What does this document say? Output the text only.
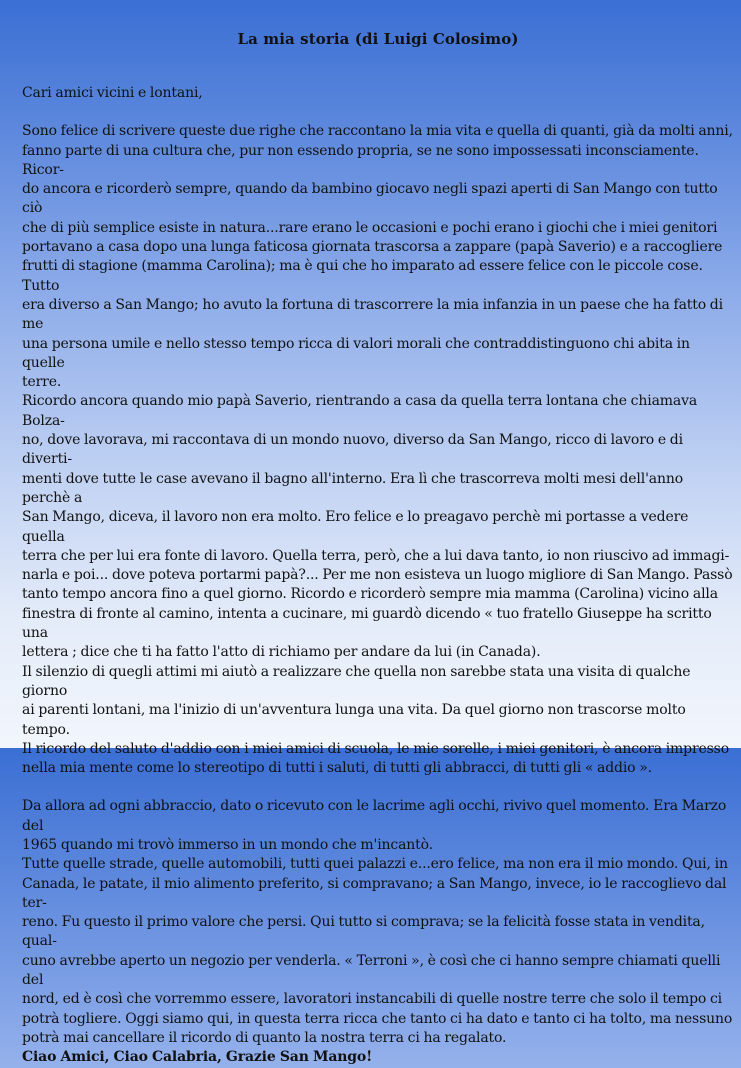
La mia storia (di Luigi Colosimo)

Cari amici vicini e lontani,

Sono felice di scrivere queste due righe che raccontano la mia vita e quella di quanti, già da molti anni,
fanno parte di una cultura che, pur non essendo propria, se ne sono impossessati inconsciamente. Ricor-
do ancora e ricorderò sempre, quando da bambino giocavo negli spazi aperti di San Mango con tutto ciò
che di più semplice esiste in natura...rare erano le occasioni e pochi erano i giochi che i miei genitori
portavano a casa dopo una lunga faticosa giornata trascorsa a zappare (papà Saverio) e a raccogliere
frutti di stagione (mamma Carolina); ma è qui che ho imparato ad essere felice con le piccole cose. Tutto
era diverso a San Mango; ho avuto la fortuna di trascorrere la mia infanzia in un paese che ha fatto di me
una persona umile e nello stesso tempo ricca di valori morali che contraddistinguono chi abita in quelle
terre.

Ricordo ancora quando mio papà Saverio, rientrando a casa da quella terra lontana che chiamava Bolza-
no, dove lavorava, mi raccontava di un mondo nuovo, diverso da San Mango, ricco di lavoro e di diverti-
menti dove tutte le case avevano il bagno all'interno. Era lì che trascorreva molti mesi dell'anno perchè a
San Mango, diceva, il lavoro non era molto. Ero felice e lo preagavo perchè mi portasse a vedere quella
terra che per lui era fonte di lavoro. Quella terra, però, che a lui dava tanto, io non riuscivo ad immagi-
narla e poi... dove poteva portarmi papà?... Per me non esisteva un luogo migliore di San Mango. Passò
tanto tempo ancora fino a quel giorno. Ricordo e ricorderò sempre mia mamma (Carolina) vicino alla
finestra di fronte al camino, intenta a cucinare, mi guardò dicendo « tuo fratello Giuseppe ha scritto una
lettera ; dice che ti ha fatto l'atto di richiamo per andare da lui (in Canada).

Il silenzio di quegli attimi mi aiutò a realizzare che quella non sarebbe stata una visita di qualche giorno
ai parenti lontani, ma l'inizio di un'avventura lunga una vita. Da quel giorno non trascorse molto tempo.
Il ricordo del saluto d'addio con i miei amici di scuola, le mie sorelle, i miei genitori, è ancora impresso
nella mia mente come lo stereotipo di tutti i saluti, di tutti gli abbracci, di tutti gli « addio ».

Da allora ad ogni abbraccio, dato o ricevuto con le lacrime agli occhi, rivivo quel momento. Era Marzo del
1965 quando mi trovò immerso in un mondo che m'incantò.

Tutte quelle strade, quelle automobili, tutti quei palazzi e...ero felice, ma non era il mio mondo. Qui, in
Canada, le patate, il mio alimento preferito, si compravano; a San Mango, invece, io le raccoglievo dal ter-
reno. Fu questo il primo valore che persi. Qui tutto si comprava; se la felicità fosse stata in vendita, qual-
cuno avrebbe aperto un negozio per venderla. « Terroni », è così che ci hanno sempre chiamati quelli del
nord, ed è così che vorremmo essere, lavoratori instancabili di quelle nostre terre che solo il tempo ci
potrà togliere. Oggi siamo qui, in questa terra ricca che tanto ci ha dato e tanto ci ha tolto, ma nessuno
potrà mai cancellare il ricordo di quanto la nostra terra ci ha regalato.

Ciao Amici, Ciao Calabria, Grazie San Mango!
